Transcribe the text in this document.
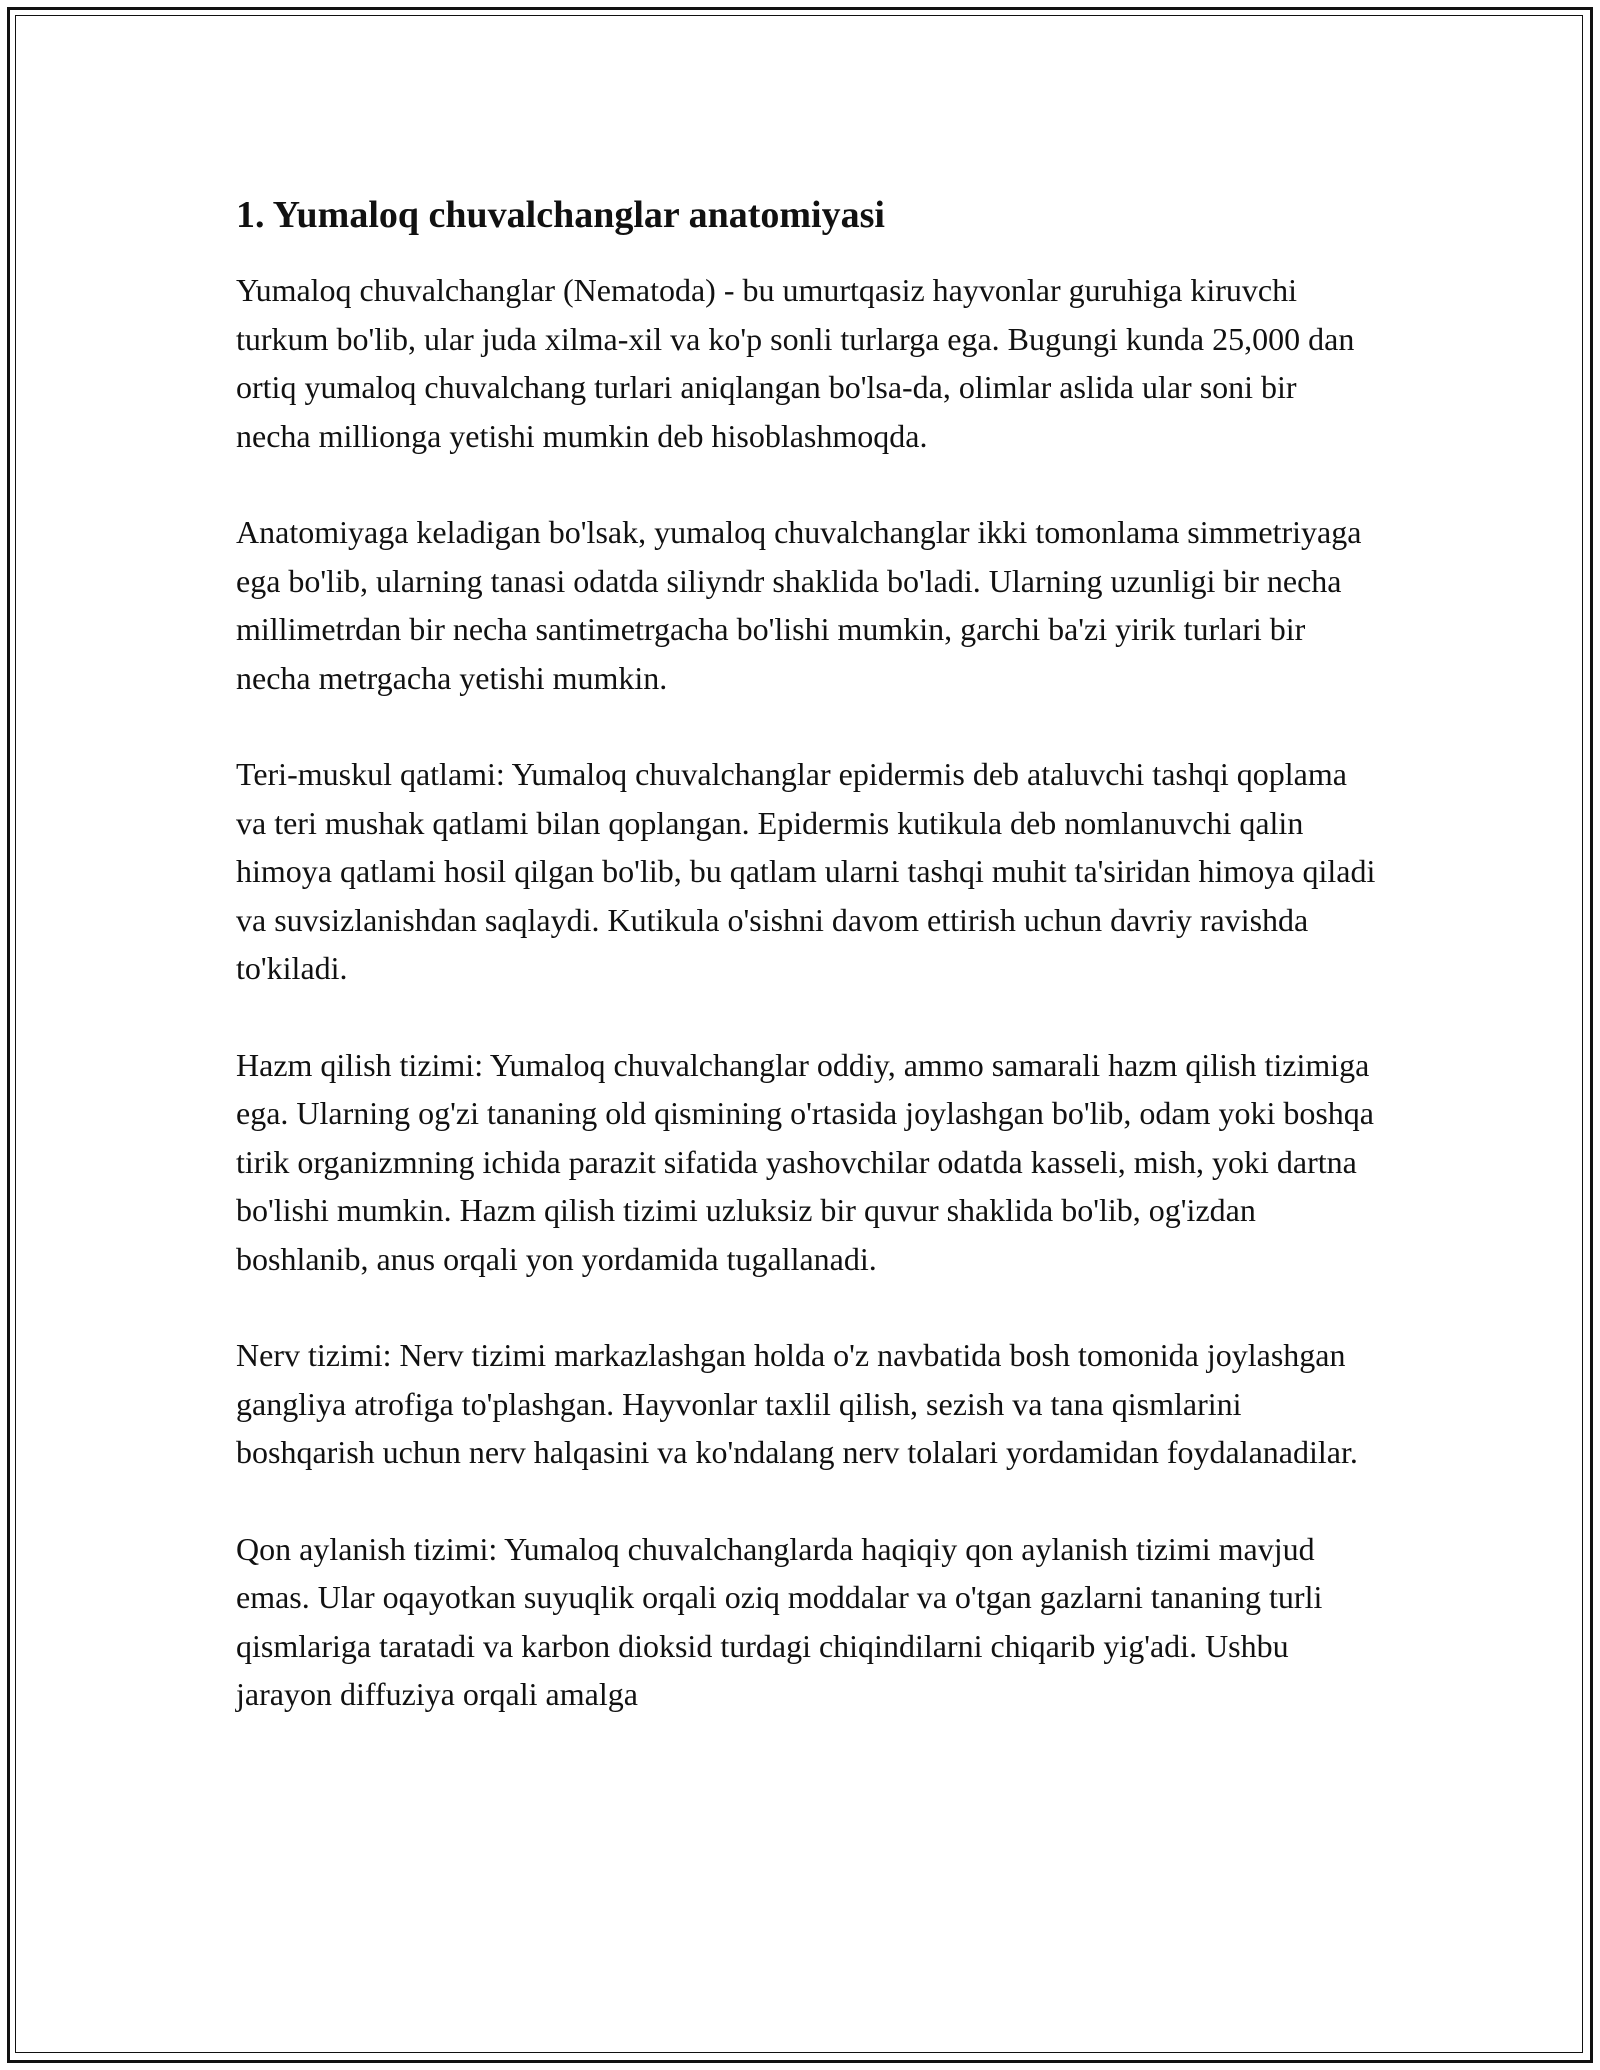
1. Yumaloq chuvalchanglar anatomiyasi

Yumaloq chuvalchanglar (Nematoda) - bu umurtqasiz hayvonlar guruhiga kiruvchi turkum bo'lib, ular juda xilma-xil va ko'p sonli turlarga ega. Bugungi kunda 25,000 dan ortiq yumaloq chuvalchang turlari aniqlangan bo'lsa-da, olimlar aslida ular soni bir necha millionga yetishi mumkin deb hisoblashmoqda.

Anatomiyaga keladigan bo'lsak, yumaloq chuvalchanglar ikki tomonlama simmetriyaga ega bo'lib, ularning tanasi odatda siliyndr shaklida bo'ladi. Ularning uzunligi bir necha millimetrdan bir necha santimetrgacha bo'lishi mumkin, garchi ba'zi yirik turlari bir necha metrgacha yetishi mumkin.

Teri-muskul qatlami: Yumaloq chuvalchanglar epidermis deb ataluvchi tashqi qoplama va teri mushak qatlami bilan qoplangan. Epidermis kutikula deb nomlanuvchi qalin himoya qatlami hosil qilgan bo'lib, bu qatlam ularni tashqi muhit ta'siridan himoya qiladi va suvsizlanishdan saqlaydi. Kutikula o'sishni davom ettirish uchun davriy ravishda to'kiladi.

Hazm qilish tizimi: Yumaloq chuvalchanglar oddiy, ammo samarali hazm qilish tizimiga ega. Ularning og'zi tananing old qismining o'rtasida joylashgan bo'lib, odam yoki boshqa tirik organizmning ichida parazit sifatida yashovchilar odatda kasseli, mish, yoki dartna bo'lishi mumkin. Hazm qilish tizimi uzluksiz bir quvur shaklida bo'lib, og'izdan boshlanib, anus orqali yon yordamida tugallanadi.

Nerv tizimi: Nerv tizimi markazlashgan holda o'z navbatida bosh tomonida joylashgan gangliya atrofiga to'plashgan. Hayvonlar taxlil qilish, sezish va tana qismlarini boshqarish uchun nerv halqasini va ko'ndalang nerv tolalari yordamidan foydalanadilar.

Qon aylanish tizimi: Yumaloq chuvalchanglarda haqiqiy qon aylanish tizimi mavjud emas. Ular oqayotkan suyuqlik orqali oziq moddalar va o'tgan gazlarni tananing turli qismlariga taratadi va karbon dioksid turdagi chiqindilarni chiqarib yig'adi. Ushbu jarayon diffuziya orqali amalga
